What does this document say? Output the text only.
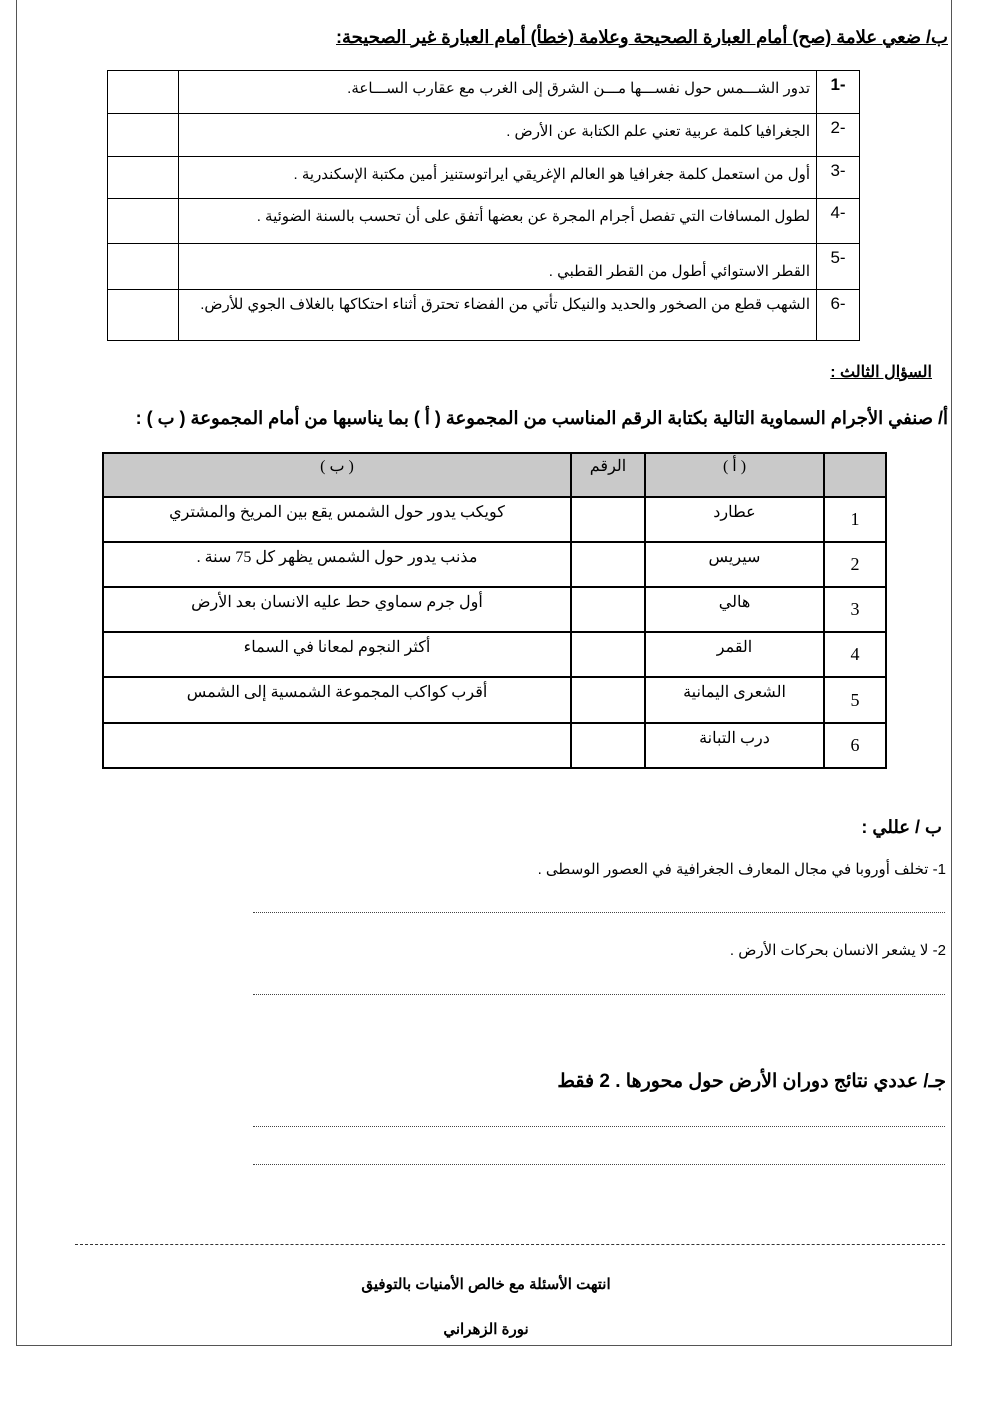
ب/ ضعي علامة (صح) أمام العبارة الصحيحة وعلامة (خطأ) أمام العبارة غير الصحيحة:
-1	تدور الشـــمس حول نفســـها مـــن الشرق إلى الغرب مع عقارب الســـاعة.	
-2	الجغرافيا كلمة عربية تعني علم الكتابة عن الأرض .	
-3	أول من استعمل كلمة جغرافيا هو العالم الإغريقي ايراتوستنيز أمين مكتبة الإسكندرية .	
-4	لطول المسافات التي تفصل أجرام المجرة عن بعضها أتفق على أن تحسب بالسنة الضوئية .	
-5	القطر الاستوائي أطول من القطر القطبي .	
-6	الشهب قطع من الصخور والحديد والنيكل تأتي من الفضاء تحترق أثناء احتكاكها بالغلاف الجوي للأرض.	
السؤال الثالث :
أ/ صنفي الأجرام السماوية التالية بكتابة الرقم المناسب من المجموعة ( أ ) بما يناسبها من أمام المجموعة ( ب ) :
	( أ )	الرقم	( ب )
1	عطارد		كويكب يدور حول الشمس يقع بين المريخ والمشتري
2	سيريس		مذنب يدور حول الشمس يظهر كل 75 سنة .
3	هالي		أول جرم سماوي حط عليه الانسان بعد الأرض
4	القمر		أكثر النجوم لمعانا في السماء
5	الشعرى اليمانية		أقرب كواكب المجموعة الشمسية إلى الشمس
6	درب التبانة		
ب / عللي :
1- تخلف أوروبا في مجال المعارف الجغرافية في العصور الوسطى .
2- لا يشعر الانسان بحركات الأرض .
جـ/ عددي نتائج دوران الأرض حول محورها . 2 فقط
انتهت الأسئلة مع خالص الأمنيات بالتوفيق
نورة الزهراني
